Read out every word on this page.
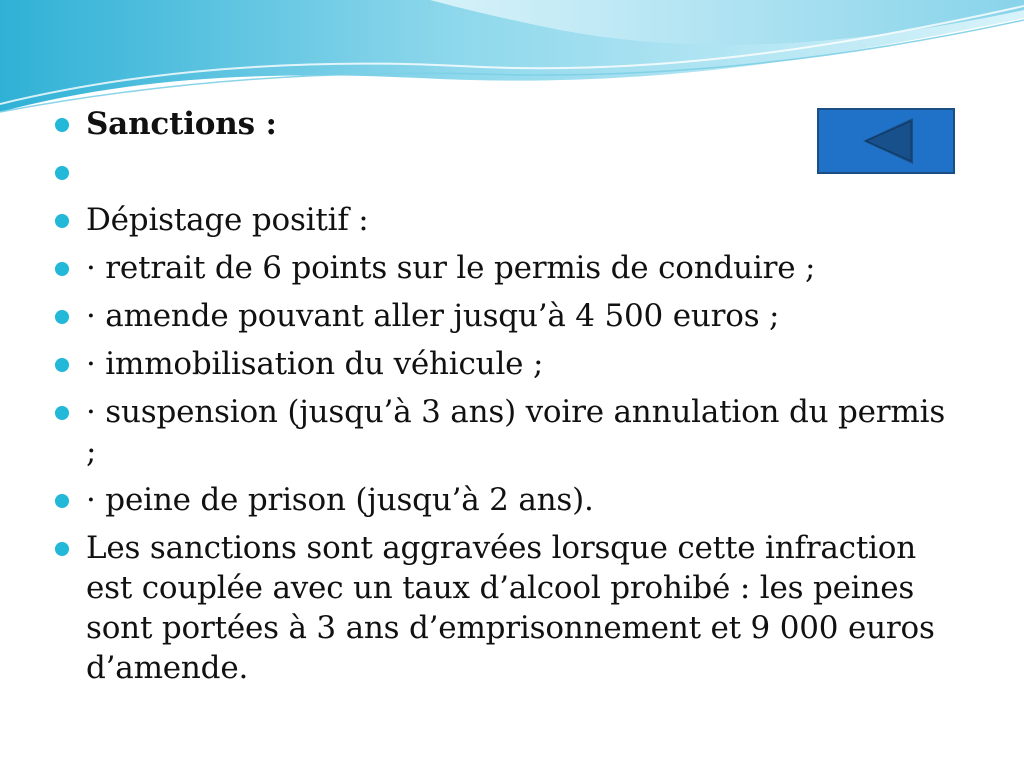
Sanctions :
Dépistage positif :
· retrait de 6 points sur le permis de conduire ;
· amende pouvant aller jusqu’à 4 500 euros ;
· immobilisation du véhicule ;
· suspension (jusqu’à 3 ans) voire annulation du permis ;
· peine de prison (jusqu’à 2 ans).
Les sanctions sont aggravées lorsque cette infraction est couplée avec un taux d’alcool prohibé : les peines sont portées à 3 ans d’emprisonnement et 9 000 euros d’amende.
